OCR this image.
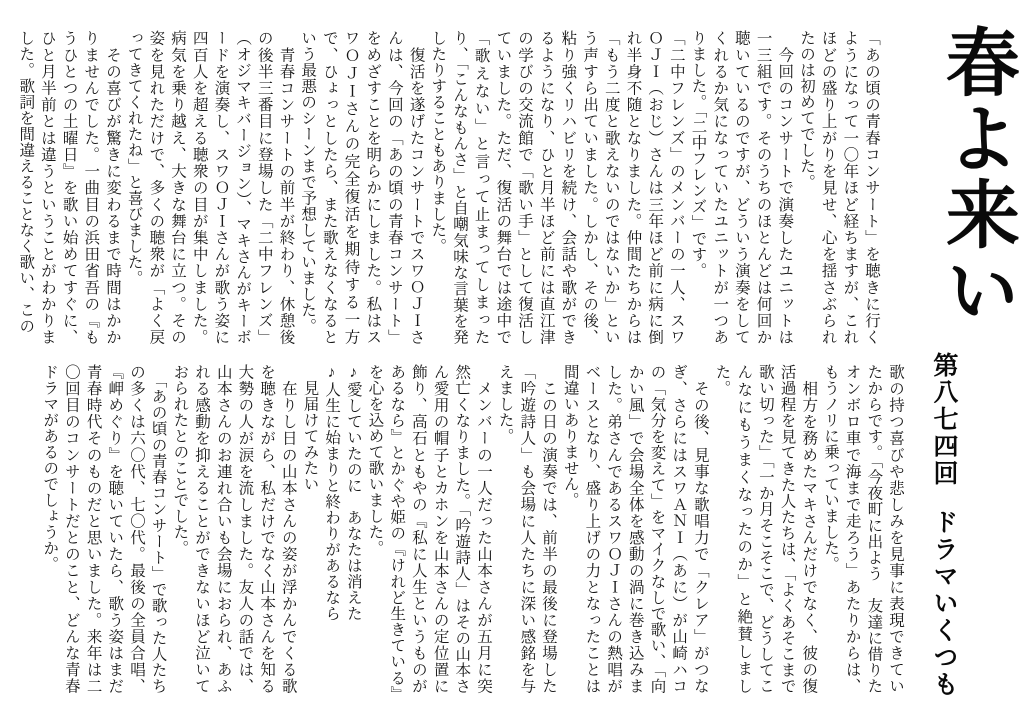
春よ来い
第八七四回
ドラマいくつも

「あの頃の青春コンサート」を聴きに行くようになって一〇年ほど経ちますが、これほどの盛り上がりを見せ、心を揺さぶられたのは初めてでした。

　今回のコンサートで演奏したユニットは一三組です。そのうちのほとんどは何回か聴いているのですが、どういう演奏をしてくれるか気になっていたユニットが一つありました。「二中フレンズ」です。

「二中フレンズ」のメンバーの一人、スワＯＪＩ（おじ）さんは三年ほど前に病に倒れ半身不随となりました。仲間たちからは「もう二度と歌えないのではないか」という声すら出ていました。しかし、その後、粘り強くリハビリを続け、会話や歌ができるようになり、ひと月半ほど前には直江津の学びの交流館で「歌い手」として復活していました。ただ、復活の舞台では途中で「歌えない」と言って止まってしまったり、「こんなもんさ」と自嘲気味な言葉を発したりすることもありました。

　復活を遂げたコンサートでスワＯＪＩさんは、今回の「あの頃の青春コンサート」をめざすことを明らかにしました。私はスワＯＪＩさんの完全復活を期待する一方で、ひょっとしたら、また歌えなくなるという最悪のシーンまで予想していました。

　青春コンサートの前半が終わり、休憩後の後半三番目に登場した「二中フレンズ」（オジマキバージョン）、マキさんがキーボードを演奏し、スワＯＪＩさんが歌う姿に四百人を超える聴衆の目が集中しました。病気を乗り越え、大きな舞台に立つ。その姿を見れただけで、多くの聴衆が「よく戻ってきてくれたね」と喜びました。

　その喜びが驚きに変わるまで時間はかかりませんでした。一曲目の浜田省吾の『もうひとつの土曜日』を歌い始めてすぐに、ひと月半前とは違うということがわかりました。歌詞を間違えることなく歌い、この

歌の持つ喜びや悲しみを見事に表現できていたからです。「今夜町に出よう　友達に借りた　オンボロ車で海まで走ろう」あたりからは、もうノリに乗っていました。

　相方を務めたマキさんだけでなく、彼の復活過程を見てきた人たちは、「よくあそこまで歌い切った」「一か月そこそこで、どうしてこんなにもうまくなったのか」と絶賛しました。

　その後、見事な歌唱力で「クレア」がつなぎ、さらにはスワＡＮＩ（あに）が山崎ハコの「気分を変えて」をマイクなしで歌い、「向かい風」で会場全体を感動の渦に巻き込みました。弟さんであるスワＯＪＩさんの熱唱がベースとなり、盛り上げの力となったことは間違いありません。

　この日の演奏では、前半の最後に登場した「吟遊詩人」も会場に人たちに深い感銘を与えました。

　メンバーの一人だった山本さんが五月に突然亡くなりました。「吟遊詩人」はその山本さん愛用の帽子とカホンを山本さんの定位置に飾り、高石ともやの『私に人生というものがあるなら』とかぐや姫の『けれど生きている』を心を込めて歌いました。

♪愛していたのに　あなたは消えた

♪人生に始まりと終わりがあるなら

　見届けてみたい

　在りし日の山本さんの姿が浮かんでくる歌を聴きながら、私だけでなく山本さんを知る大勢の人が涙を流しました。友人の話では、山本さんのお連れ合いも会場におられ、あふれる感動を抑えることができないほど泣いておられたとのことでした。

　「あの頃の青春コンサート」で歌った人たちの多くは六〇代、七〇代。最後の全員合唱、『岬めぐり』を聴いていたら、歌う姿はまだ青春時代そのものだと思いました。来年は二〇回目のコンサートだとのこと、どんな青春ドラマがあるのでしょうか。
